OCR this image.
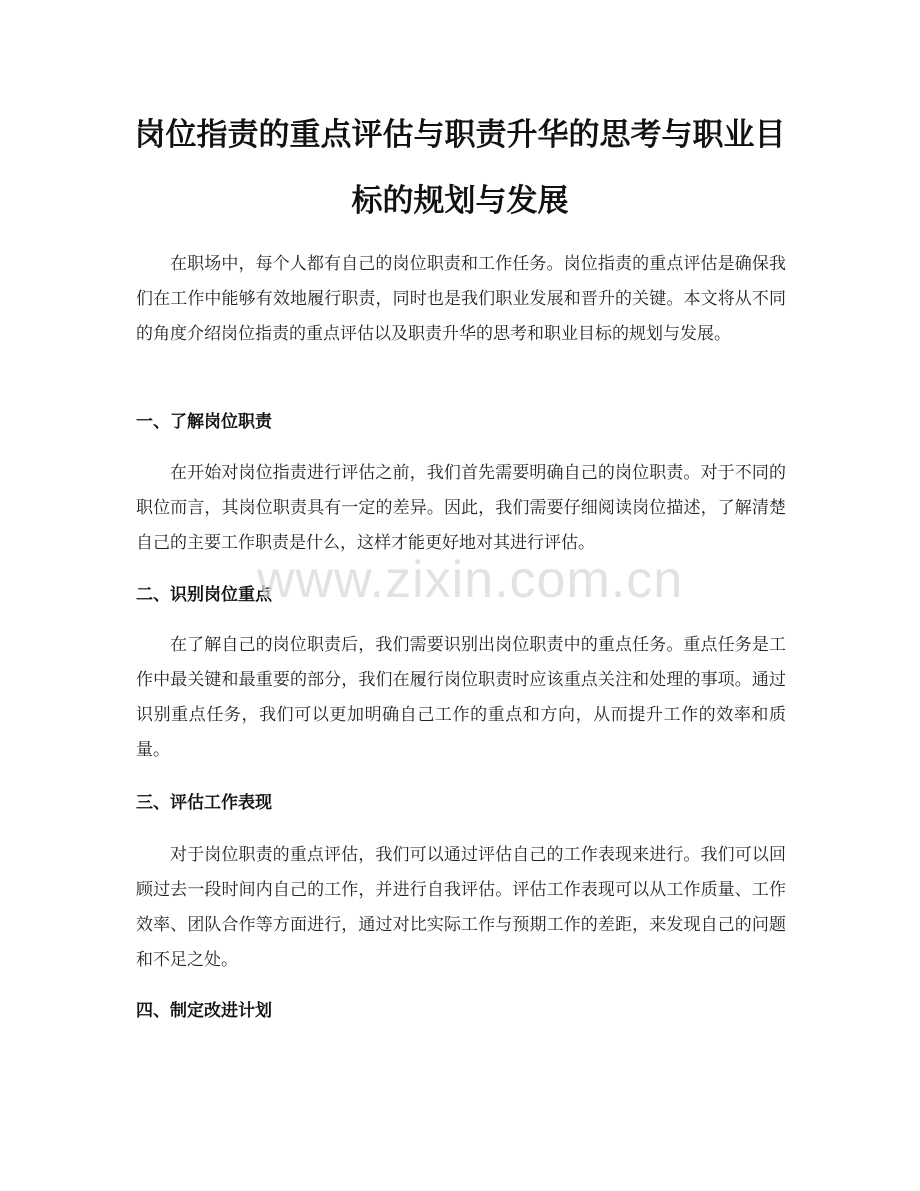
岗位指责的重点评估与职责升华的思考与职业目标的规划与发展

在职场中，每个人都有自己的岗位职责和工作任务。岗位指责的重点评估是确保我们在工作中能够有效地履行职责，同时也是我们职业发展和晋升的关键。本文将从不同的角度介绍岗位指责的重点评估以及职责升华的思考和职业目标的规划与发展。

一、了解岗位职责

在开始对岗位指责进行评估之前，我们首先需要明确自己的岗位职责。对于不同的职位而言，其岗位职责具有一定的差异。因此，我们需要仔细阅读岗位描述，了解清楚自己的主要工作职责是什么，这样才能更好地对其进行评估。

二、识别岗位重点

在了解自己的岗位职责后，我们需要识别出岗位职责中的重点任务。重点任务是工作中最关键和最重要的部分，我们在履行岗位职责时应该重点关注和处理的事项。通过识别重点任务，我们可以更加明确自己工作的重点和方向，从而提升工作的效率和质量。

三、评估工作表现

对于岗位职责的重点评估，我们可以通过评估自己的工作表现来进行。我们可以回顾过去一段时间内自己的工作，并进行自我评估。评估工作表现可以从工作质量、工作效率、团队合作等方面进行，通过对比实际工作与预期工作的差距，来发现自己的问题和不足之处。

四、制定改进计划
www.zixin.com.cn
